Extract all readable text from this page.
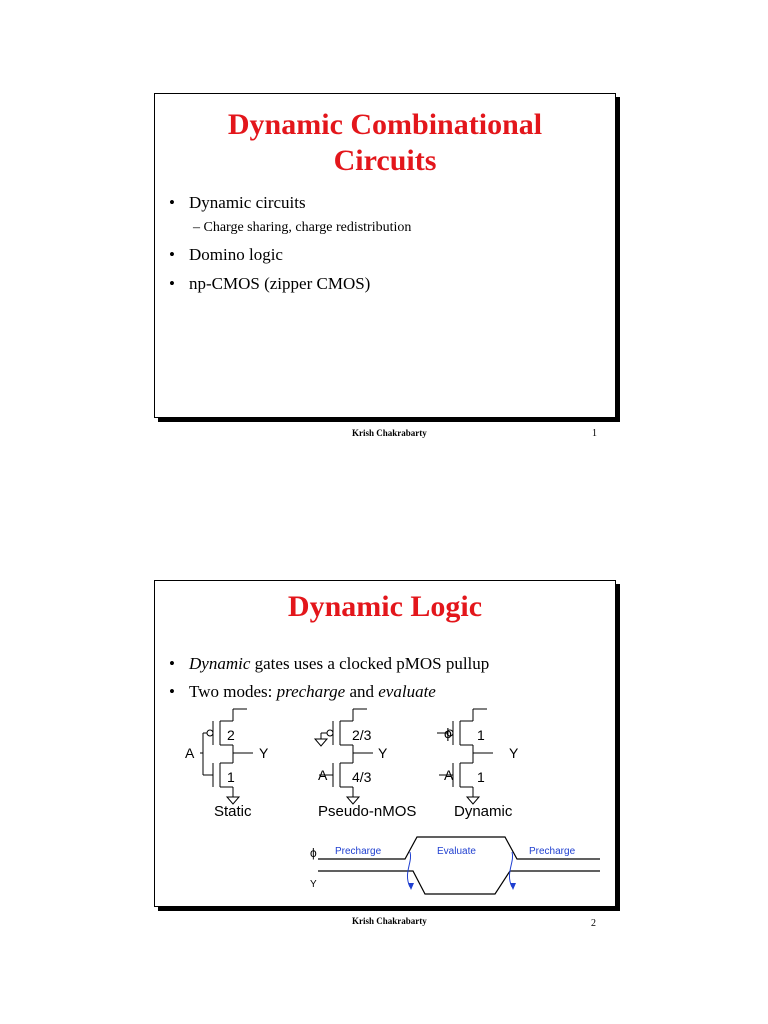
Dynamic Combinational
Circuits
• Dynamic circuits
– Charge sharing, charge redistribution
• Domino logic
• np-CMOS (zipper CMOS)
Krish Chakrabarty	1
Dynamic Logic
• Dynamic gates uses a clocked pMOS pullup
• Two modes: precharge and evaluate
A	Y
2
1
Static
Y
A
2/3
4/3
Pseudo-nMOS
ϕ
Y
A
1
1
Dynamic
ϕ
Y
Precharge	Evaluate	Precharge
Krish Chakrabarty	2
